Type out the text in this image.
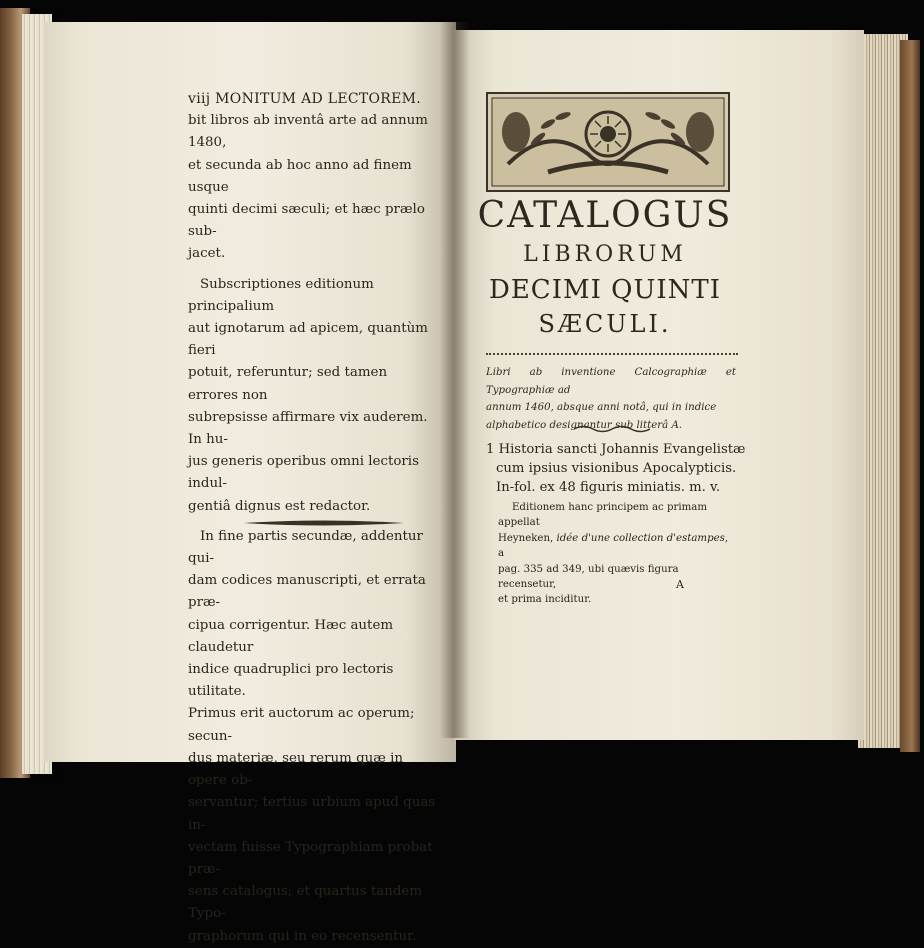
viij MONITUM AD LECTOREM.

bit libros ab inventâ arte ad annum 1480,

et secunda ab hoc anno ad finem usque

quinti decimi sæculi; et hæc prælo sub-

jacet.

Subscriptiones editionum principalium

aut ignotarum ad apicem, quantùm fieri

potuit, referuntur; sed tamen errores non

subrepsisse affirmare vix auderem. In hu-

jus generis operibus omni lectoris indul-

gentiâ dignus est redactor.

In fine partis secundæ, addentur qui-

dam codices manuscripti, et errata præ-

cipua corrigentur. Hæc autem claudetur

indice quadruplici pro lectoris utilitate.

Primus erit auctorum ac operum; secun-

dus materiæ, seu rerum quæ in opere ob-

servantur; tertius urbium apud quas in-

vectam fuisse Typographiam probat præ-

sens catalogus; et quartus tandem Typo-

graphorum qui in eo recensentur.

CATALOGUS
LIBRORUM
DECIMI QUINTI
SÆCULI.
Libri ab inventione Calcographiæ et Typographiæ ad
annum 1460, absque anni notâ, qui in indice
alphabetico designantur sub litterâ A.

1 Historia sancti Johannis Evangelistæ

cum ipsius visionibus Apocalypticis.

In-fol. ex 48 figuris miniatis. m. v.

Editionem hanc principem ac primam appellat

Heyneken, idée d'une collection d'estampes, a

pag. 335 ad 349, ubi quævis figura recensetur,

et prima inciditur.

A
